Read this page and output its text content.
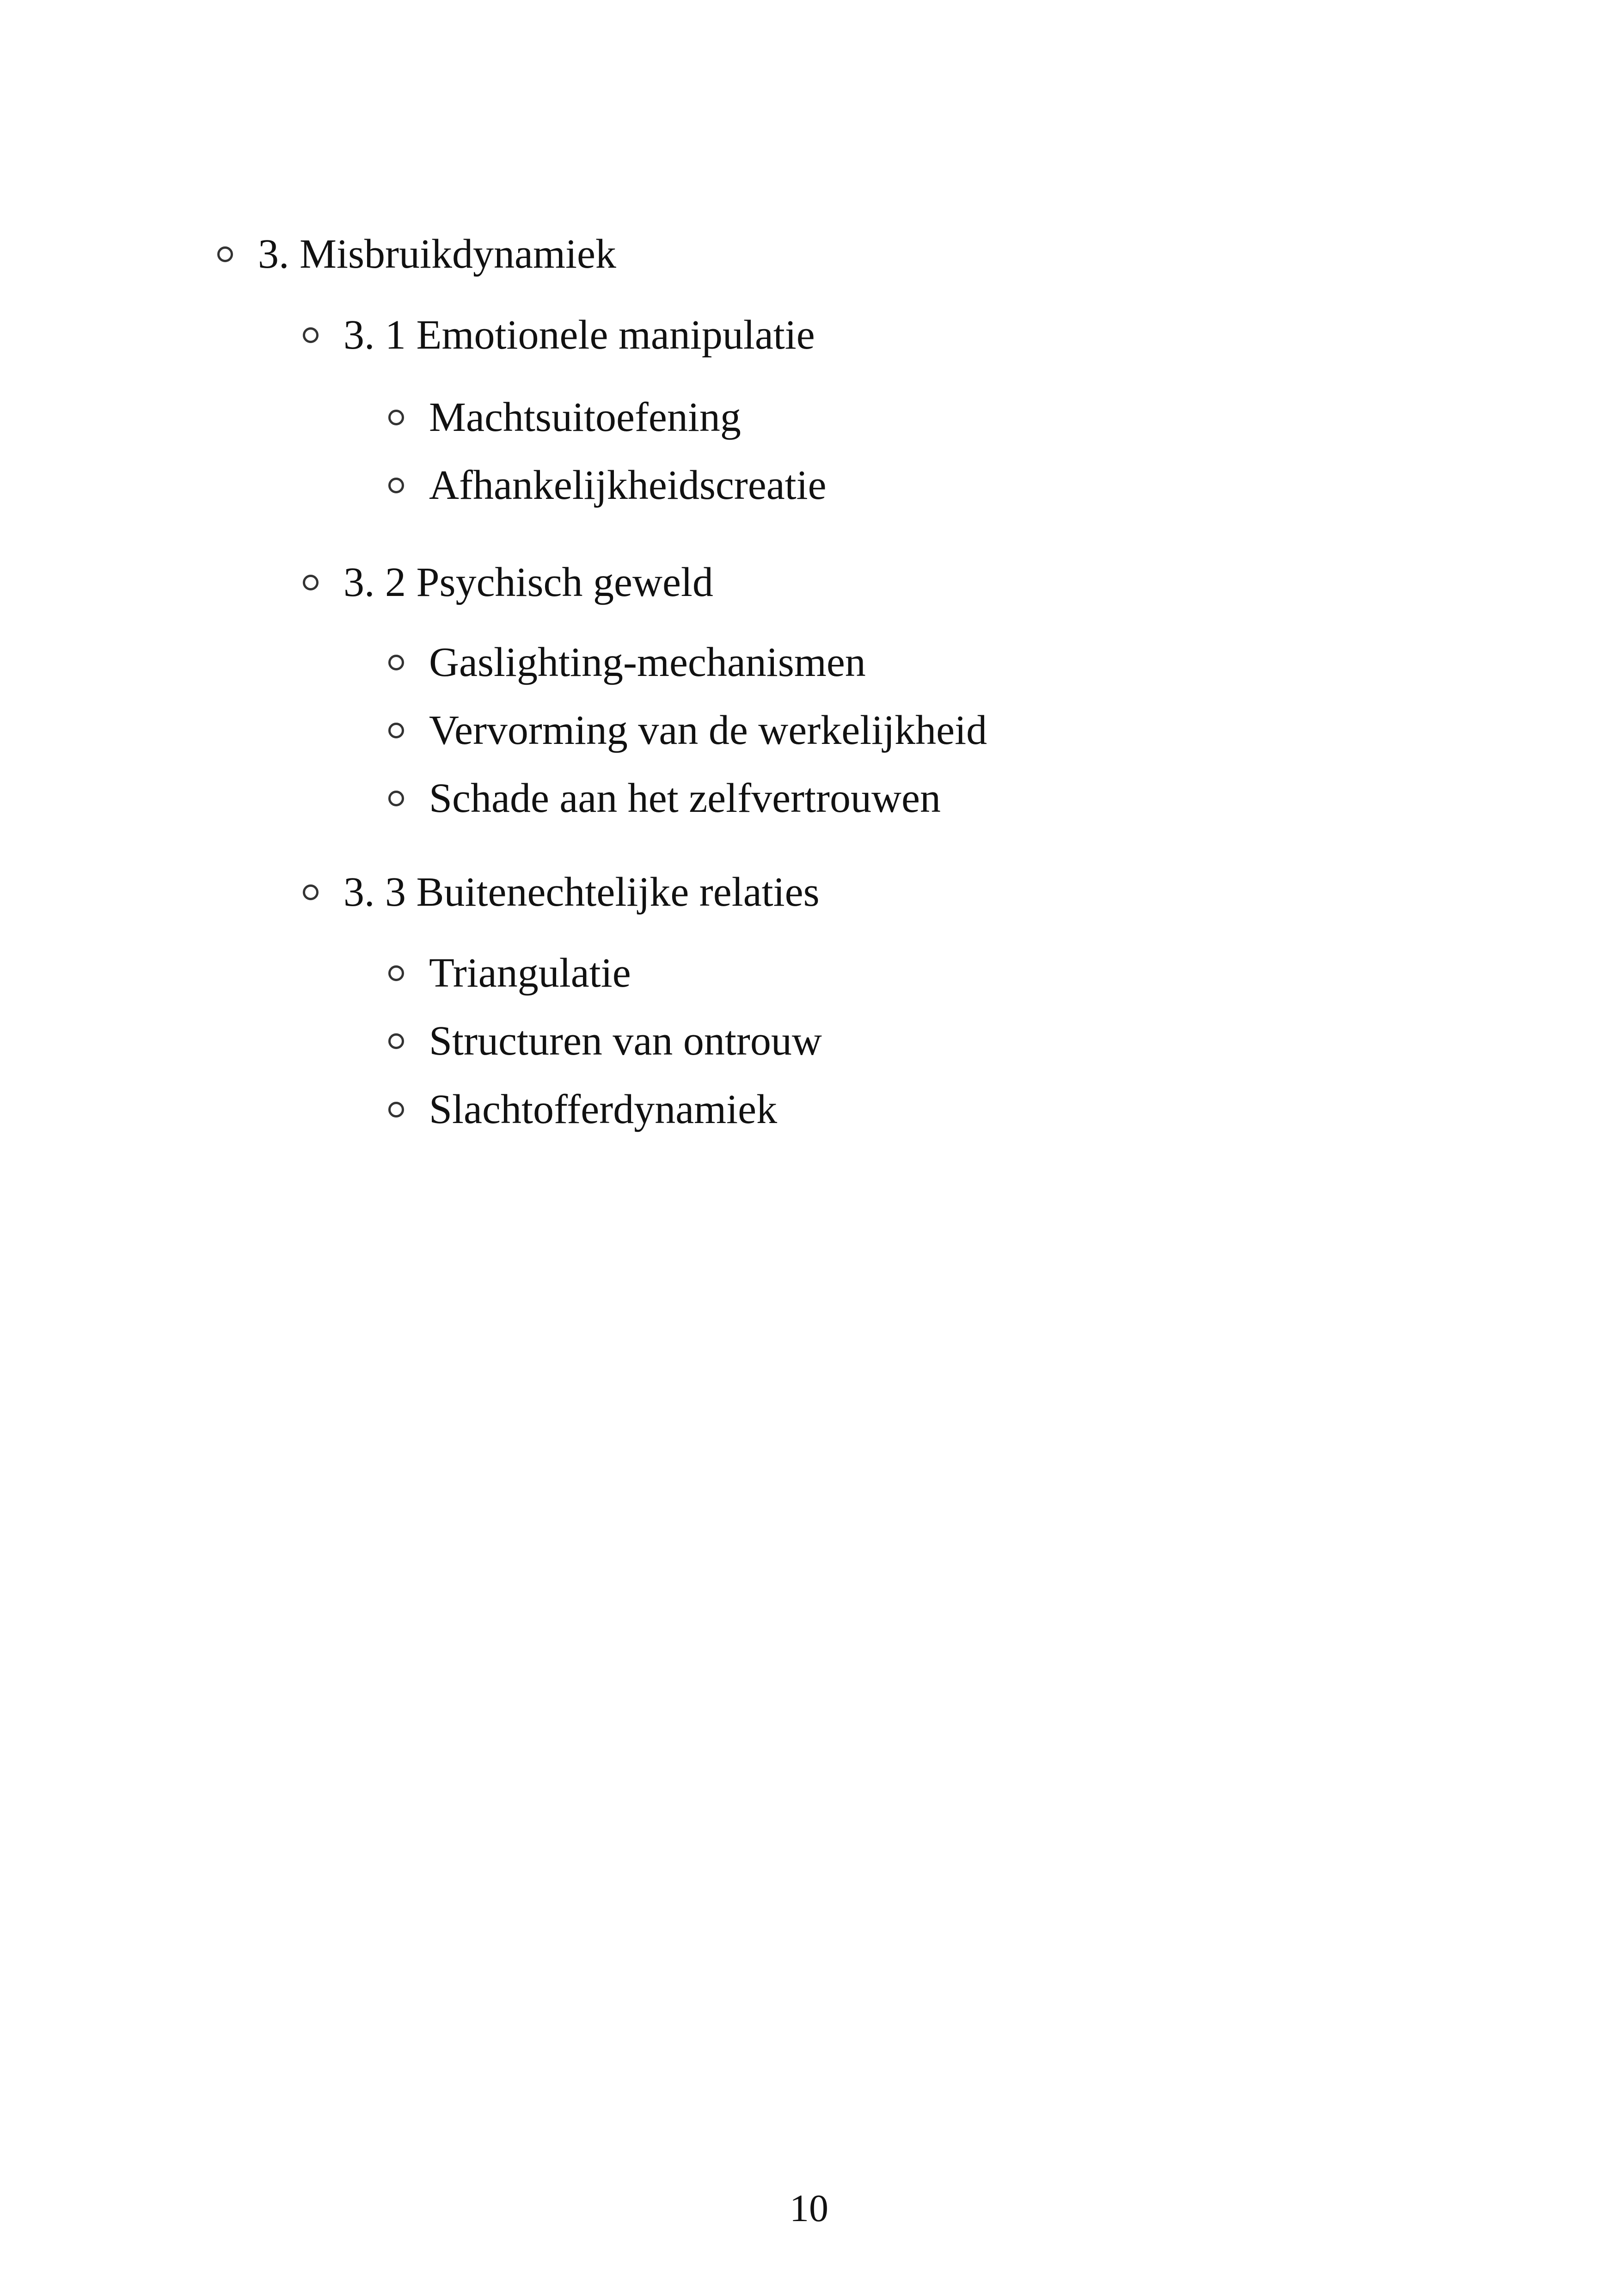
3. Misbruikdynamiek
3. 1 Emotionele manipulatie
Machtsuitoefening
Afhankelijkheidscreatie
3. 2 Psychisch geweld
Gaslighting-mechanismen
Vervorming van de werkelijkheid
Schade aan het zelfvertrouwen
3. 3 Buitenechtelijke relaties
Triangulatie
Structuren van ontrouw
Slachtofferdynamiek
10
